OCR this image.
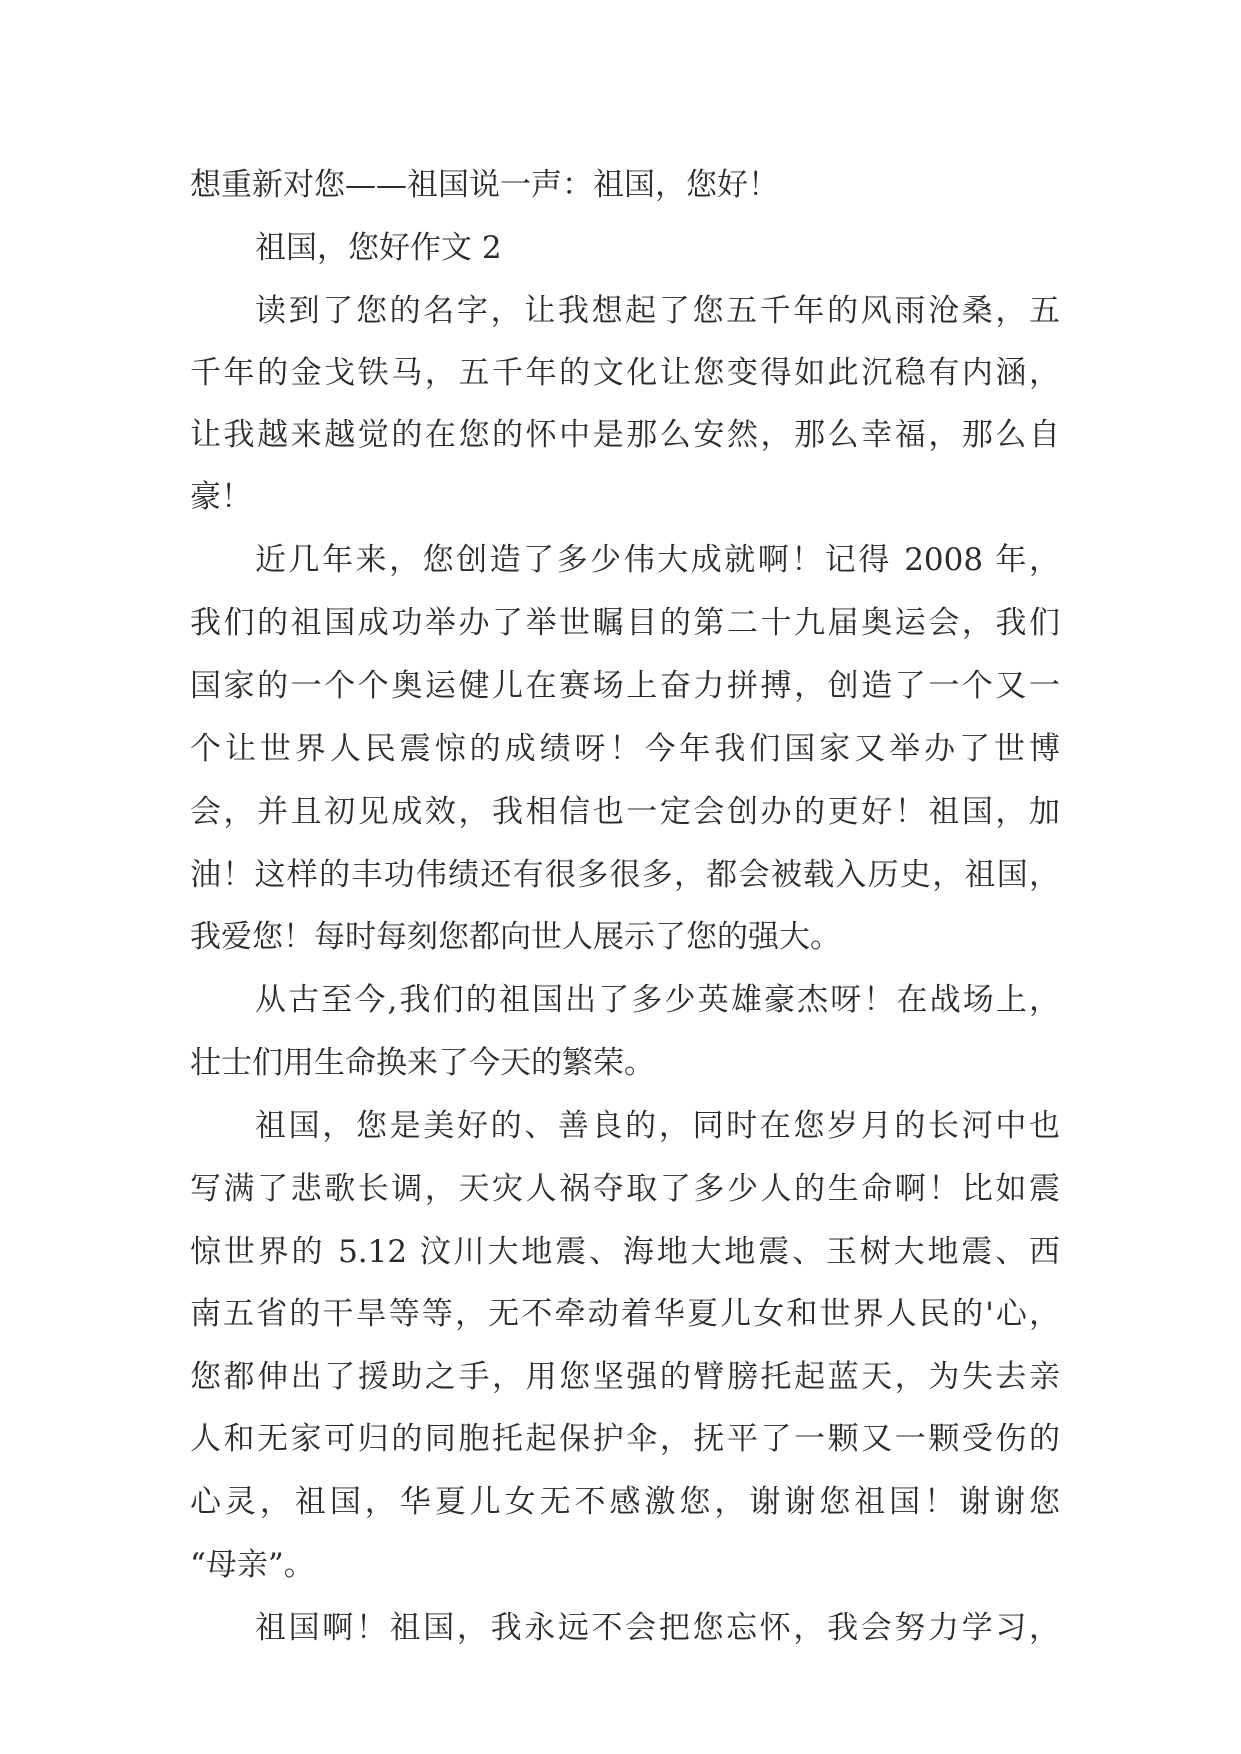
想重新对您——祖国说一声：祖国，您好！
祖国，您好作文 2
读到了您的名字，让我想起了您五千年的风雨沧桑，五
千年的金戈铁马，五千年的文化让您变得如此沉稳有内涵，
让我越来越觉的在您的怀中是那么安然，那么幸福，那么自
豪！
近几年来，您创造了多少伟大成就啊！记得 2008 年，
我们的祖国成功举办了举世瞩目的第二十九届奥运会，我们
国家的一个个奥运健儿在赛场上奋力拼搏，创造了一个又一
个让世界人民震惊的成绩呀！今年我们国家又举办了世博
会，并且初见成效，我相信也一定会创办的更好！祖国，加
油！这样的丰功伟绩还有很多很多，都会被载入历史，祖国，
我爱您！每时每刻您都向世人展示了您的强大。
从古至今,我们的祖国出了多少英雄豪杰呀！在战场上，
壮士们用生命换来了今天的繁荣。
祖国，您是美好的、善良的，同时在您岁月的长河中也
写满了悲歌长调，天灾人祸夺取了多少人的生命啊！比如震
惊世界的 5.12 汶川大地震、海地大地震、玉树大地震、西
南五省的干旱等等，无不牵动着华夏儿女和世界人民的'心，
您都伸出了援助之手，用您坚强的臂膀托起蓝天，为失去亲
人和无家可归的同胞托起保护伞，抚平了一颗又一颗受伤的
心灵，祖国，华夏儿女无不感激您，谢谢您祖国！谢谢您
“母亲”。
祖国啊！祖国，我永远不会把您忘怀，我会努力学习，
